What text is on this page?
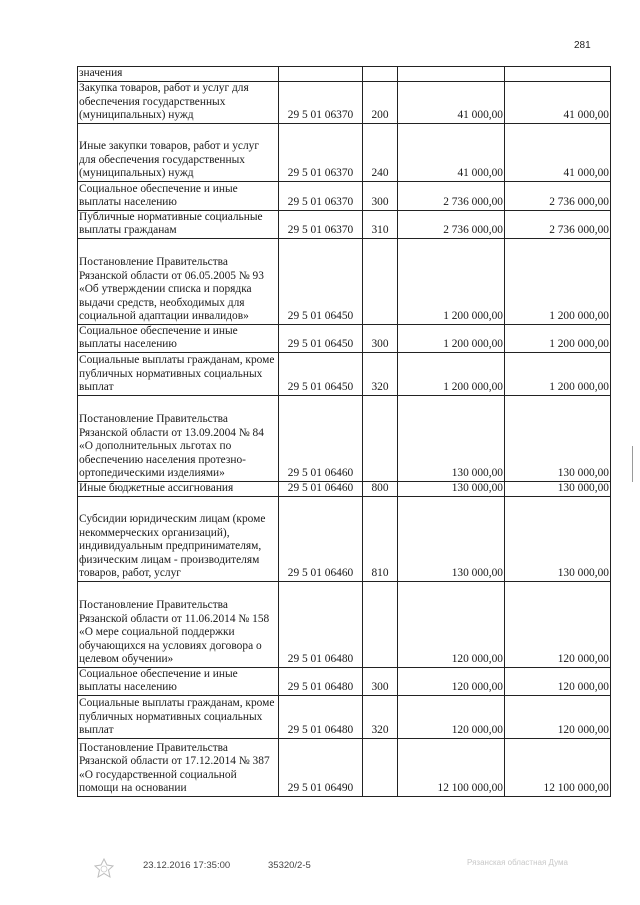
281
значения				
Закупка товаров, работ и услуг для обеспечения государственных (муниципальных) нужд	29 5 01 06370	200	41 000,00	41 000,00
Иные закупки товаров, работ и услуг для обеспечения государственных (муниципальных) нужд	29 5 01 06370	240	41 000,00	41 000,00
Социальное обеспечение и иные выплаты населению	29 5 01 06370	300	2 736 000,00	2 736 000,00
Публичные нормативные социальные выплаты гражданам	29 5 01 06370	310	2 736 000,00	2 736 000,00
Постановление Правительства Рязанской области от 06.05.2005 № 93 «Об утверждении списка и порядка выдачи средств, необходимых для социальной адаптации инвалидов»	29 5 01 06450		1 200 000,00	1 200 000,00
Социальное обеспечение и иные выплаты населению	29 5 01 06450	300	1 200 000,00	1 200 000,00
Социальные выплаты гражданам, кроме публичных нормативных социальных выплат	29 5 01 06450	320	1 200 000,00	1 200 000,00
Постановление Правительства Рязанской области от 13.09.2004 № 84 «О дополнительных льготах по обеспечению населения протезно-ортопедическими изделиями»	29 5 01 06460		130 000,00	130 000,00
Иные бюджетные ассигнования	29 5 01 06460	800	130 000,00	130 000,00
Субсидии юридическим лицам (кроме некоммерческих организаций), индивидуальным предпринимателям, физическим лицам - производителям товаров, работ, услуг	29 5 01 06460	810	130 000,00	130 000,00
Постановление Правительства Рязанской области от 11.06.2014 № 158 «О мере социальной поддержки обучающихся на условиях договора о целевом обучении»	29 5 01 06480		120 000,00	120 000,00
Социальное обеспечение и иные выплаты населению	29 5 01 06480	300	120 000,00	120 000,00
Социальные выплаты гражданам, кроме публичных нормативных социальных выплат	29 5 01 06480	320	120 000,00	120 000,00
Постановление Правительства Рязанской области от 17.12.2014 № 387 «О государственной социальной помощи на основании	29 5 01 06490		12 100 000,00	12 100 000,00
23.12.2016 17:35:00	35320/2-5	Рязанская областная Дума
